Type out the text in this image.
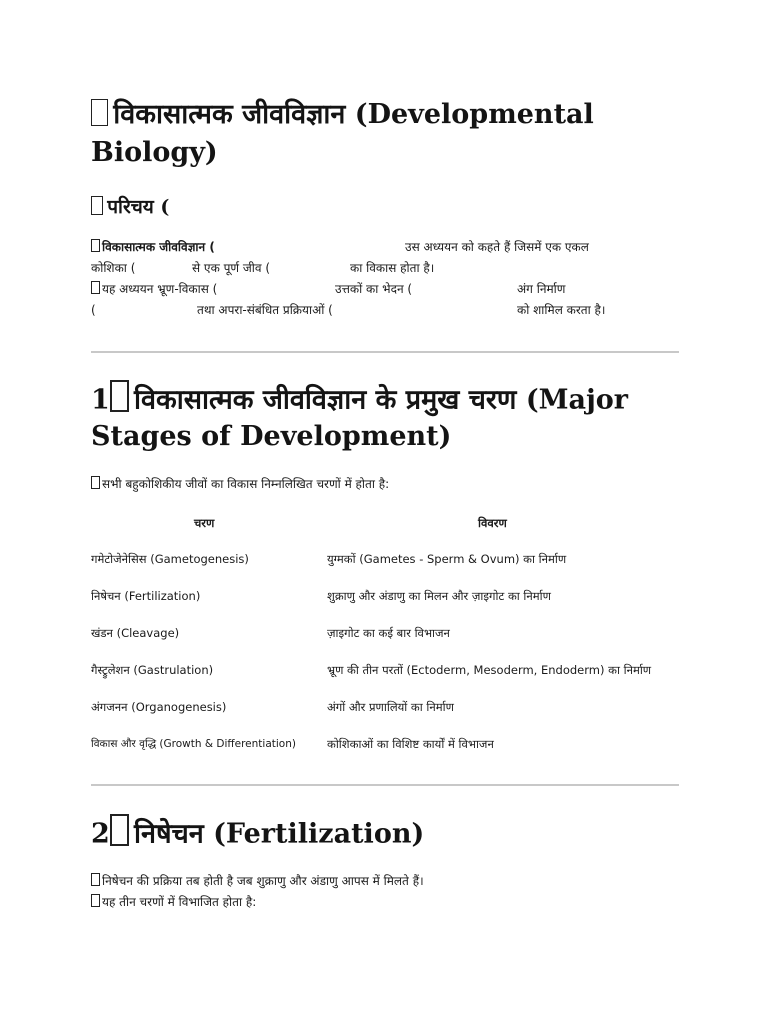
विकासात्मक जीवविज्ञान (Developmental
Biology)
परिचय (
विकासात्मक जीवविज्ञान (	उस अध्ययन को कहते हैं जिसमें एक एकल
कोशिका (	से एक पूर्ण जीव (	का विकास होता है।
यह अध्ययन भ्रूण-विकास (	उत्तकों का भेदन (	अंग निर्माण
(	तथा अपरा-संबंधित प्रक्रियाओं (	को शामिल करता है।
1 विकासात्मक जीवविज्ञान के प्रमुख चरण (Major
Stages of Development)
सभी बहुकोशिकीय जीवों का विकास निम्नलिखित चरणों में होता है:
चरण	विवरण
गमेटोजेनेसिस (Gametogenesis)	युग्मकों (Gametes - Sperm & Ovum) का निर्माण
निषेचन (Fertilization)	शुक्राणु और अंडाणु का मिलन और ज़ाइगोट का निर्माण
खंडन (Cleavage)	ज़ाइगोट का कई बार विभाजन
गैस्ट्रुलेशन (Gastrulation)	भ्रूण की तीन परतों (Ectoderm, Mesoderm, Endoderm) का निर्माण
अंगजनन (Organogenesis)	अंगों और प्रणालियों का निर्माण
विकास और वृद्धि (Growth & Differentiation)	कोशिकाओं का विशिष्ट कार्यों में विभाजन
2 निषेचन (Fertilization)
निषेचन की प्रक्रिया तब होती है जब शुक्राणु और अंडाणु आपस में मिलते हैं।
यह तीन चरणों में विभाजित होता है:
